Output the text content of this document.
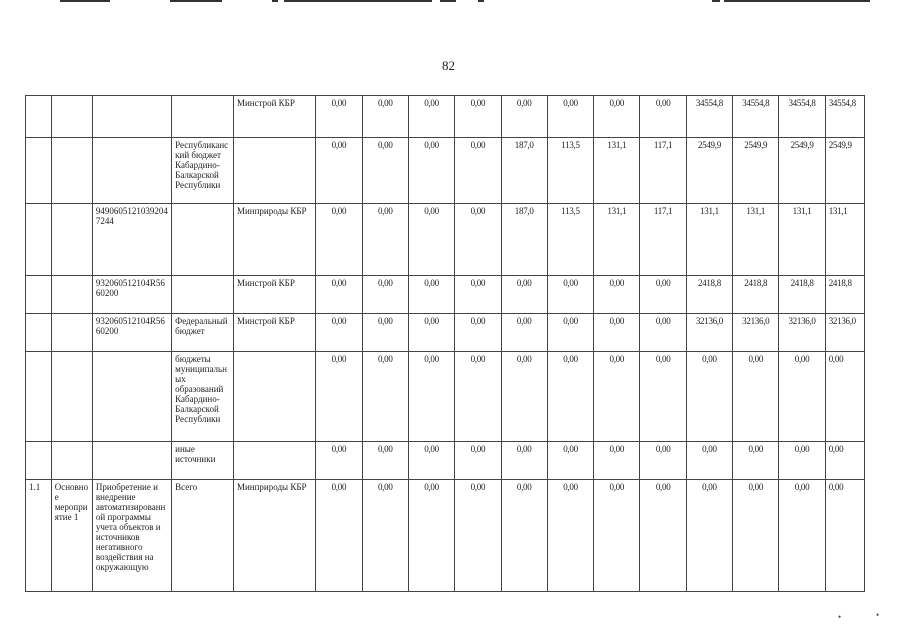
82
				Минстрой КБР	0,00	0,00	0,00	0,00	0,00	0,00	0,00	0,00	34554,8	34554,8	34554,8	34554,8
			Республиканский бюджет Кабардино-Балкарской Республики		0,00	0,00	0,00	0,00	187,0	113,5	131,1	117,1	2549,9	2549,9	2549,9	2549,9
		94906051210392047244		Минприроды КБР	0,00	0,00	0,00	0,00	187,0	113,5	131,1	117,1	131,1	131,1	131,1	131,1
		932060512104R5660200		Минстрой КБР	0,00	0,00	0,00	0,00	0,00	0,00	0,00	0,00	2418,8	2418,8	2418,8	2418,8
		932060512104R5660200	Федеральный бюджет	Минстрой КБР	0,00	0,00	0,00	0,00	0,00	0,00	0,00	0,00	32136,0	32136,0	32136,0	32136,0
			бюджеты муниципальных образований Кабардино-Балкарской Республики		0,00	0,00	0,00	0,00	0,00	0,00	0,00	0,00	0,00	0,00	0,00	0,00
			иные источники		0,00	0,00	0,00	0,00	0,00	0,00	0,00	0,00	0,00	0,00	0,00	0,00
1.1	Основное мероприятие 1	Приобретение и внедрение автоматизированной программы учета объектов и источников негативного воздействия на окружающую	Всего	Минприроды КБР	0,00	0,00	0,00	0,00	0,00	0,00	0,00	0,00	0,00	0,00	0,00	0,00
•	•
